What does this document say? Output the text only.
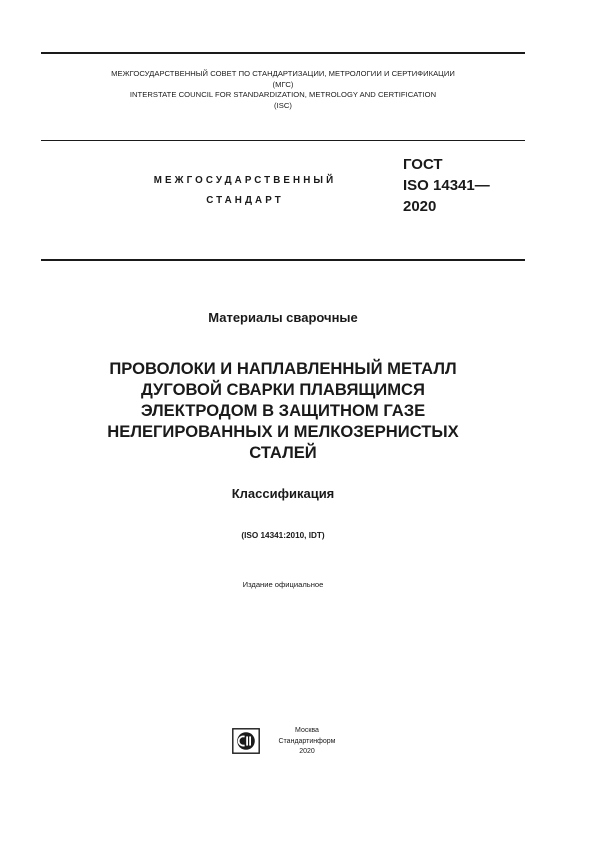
МЕЖГОСУДАРСТВЕННЫЙ СОВЕТ ПО СТАНДАРТИЗАЦИИ, МЕТРОЛОГИИ И СЕРТИФИКАЦИИ
(МГС)
INTERSTATE COUNCIL FOR STANDARDIZATION, METROLOGY AND CERTIFICATION
(ISC)
МЕЖГОСУДАРСТВЕННЫЙ
СТАНДАРТ
ГОСТ
ISO 14341—
2020
Материалы сварочные
ПРОВОЛОКИ И НАПЛАВЛЕННЫЙ МЕТАЛЛ
ДУГОВОЙ СВАРКИ ПЛАВЯЩИМСЯ
ЭЛЕКТРОДОМ В ЗАЩИТНОМ ГАЗЕ
НЕЛЕГИРОВАННЫХ И МЕЛКОЗЕРНИСТЫХ
СТАЛЕЙ
Классификация
(ISO 14341:2010, IDT)
Издание официальное
Москва
Стандартинформ
2020
